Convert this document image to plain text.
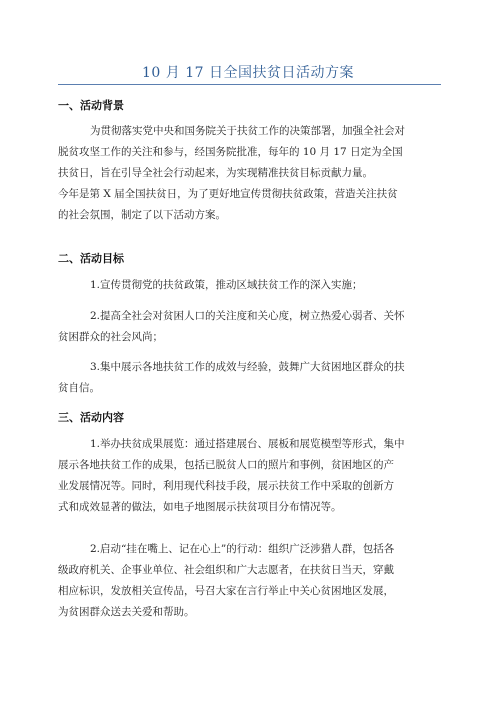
10 月 17 日全国扶贫日活动方案
一、活动背景
为贯彻落实党中央和国务院关于扶贫工作的决策部署，加强全社会对
脱贫攻坚工作的关注和参与，经国务院批准，每年的 10 月 17 日定为全国
扶贫日，旨在引导全社会行动起来，为实现精准扶贫目标贡献力量。
今年是第 X 届全国扶贫日，为了更好地宣传贯彻扶贫政策，营造关注扶贫
的社会氛围，制定了以下活动方案。
二、活动目标
1.宣传贯彻党的扶贫政策，推动区域扶贫工作的深入实施；
2.提高全社会对贫困人口的关注度和关心度，树立热爱心弱者、关怀
贫困群众的社会风尚；
3.集中展示各地扶贫工作的成效与经验，鼓舞广大贫困地区群众的扶
贫自信。
三、活动内容
1.举办扶贫成果展览：通过搭建展台、展板和展览模型等形式，集中
展示各地扶贫工作的成果，包括已脱贫人口的照片和事例，贫困地区的产
业发展情况等。同时，利用现代科技手段，展示扶贫工作中采取的创新方
式和成效显著的做法，如电子地图展示扶贫项目分布情况等。
2.启动“挂在嘴上、记在心上”的行动：组织广泛涉猎人群，包括各
级政府机关、企事业单位、社会组织和广大志愿者，在扶贫日当天，穿戴
相应标识，发放相关宣传品，号召大家在言行举止中关心贫困地区发展，
为贫困群众送去关爱和帮助。
